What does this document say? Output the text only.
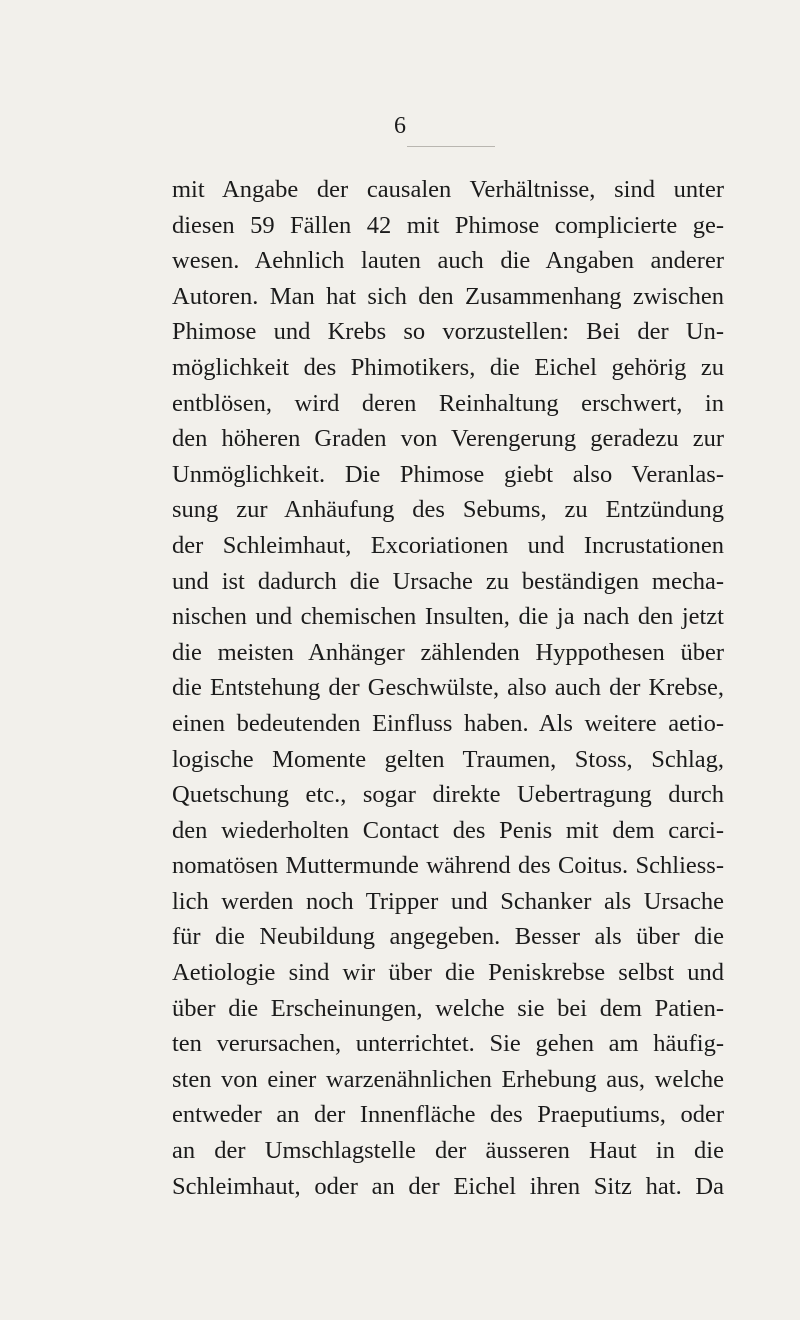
6
mit Angabe der causalen Verhältnisse, sind unter
diesen 59 Fällen 42 mit Phimose complicierte ge-
wesen. Aehnlich lauten auch die Angaben anderer
Autoren. Man hat sich den Zusammenhang zwischen
Phimose und Krebs so vorzustellen: Bei der Un-
möglichkeit des Phimotikers, die Eichel gehörig zu
entblösen, wird deren Reinhaltung erschwert, in
den höheren Graden von Verengerung geradezu zur
Unmöglichkeit. Die Phimose giebt also Veranlas-
sung zur Anhäufung des Sebums, zu Entzündung
der Schleimhaut, Excoriationen und Incrustationen
und ist dadurch die Ursache zu beständigen mecha-
nischen und chemischen Insulten, die ja nach den jetzt
die meisten Anhänger zählenden Hyppothesen über
die Entstehung der Geschwülste, also auch der Krebse,
einen bedeutenden Einfluss haben. Als weitere aetio-
logische Momente gelten Traumen, Stoss, Schlag,
Quetschung etc., sogar direkte Uebertragung durch
den wiederholten Contact des Penis mit dem carci-
nomatösen Muttermunde während des Coitus. Schliess-
lich werden noch Tripper und Schanker als Ursache
für die Neubildung angegeben. Besser als über die
Aetiologie sind wir über die Peniskrebse selbst und
über die Erscheinungen, welche sie bei dem Patien-
ten verursachen, unterrichtet. Sie gehen am häufig-
sten von einer warzenähnlichen Erhebung aus, welche
entweder an der Innenfläche des Praeputiums, oder
an der Umschlagstelle der äusseren Haut in die
Schleimhaut, oder an der Eichel ihren Sitz hat. Da
